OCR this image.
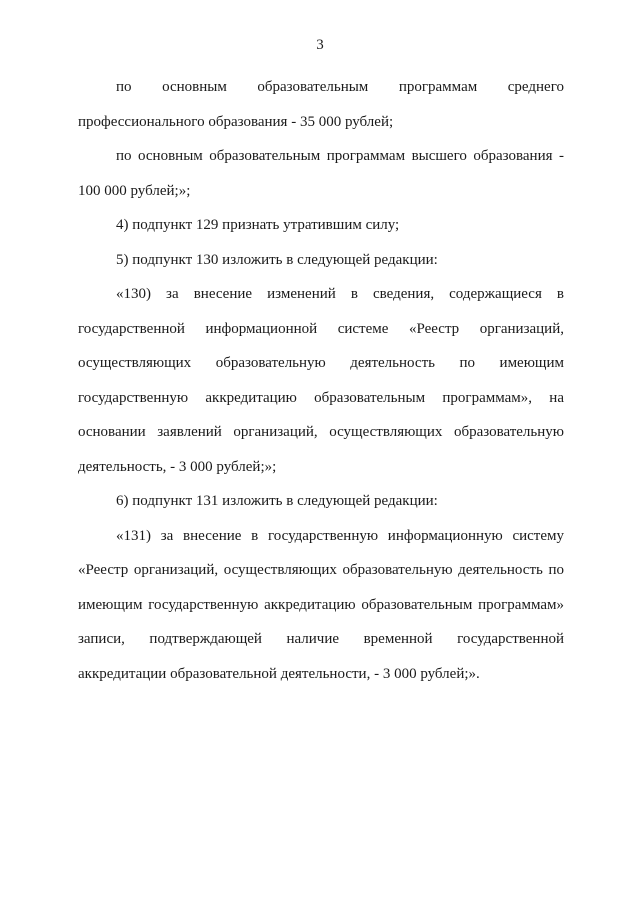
3

по основным образовательным программам среднего профессионального образования - 35 000 рублей;

по основным образовательным программам высшего образования - 100 000 рублей;»;

4) подпункт 129 признать утратившим силу;

5) подпункт 130 изложить в следующей редакции:

«130) за внесение изменений в сведения, содержащиеся в государственной информационной системе «Реестр организаций, осуществляющих образовательную деятельность по имеющим государственную аккредитацию образовательным программам», на основании заявлений организаций, осуществляющих образовательную деятельность, - 3 000 рублей;»;

6) подпункт 131 изложить в следующей редакции:

«131) за внесение в государственную информационную систему «Реестр организаций, осуществляющих образовательную деятельность по имеющим государственную аккредитацию образовательным программам» записи, подтверждающей наличие временной государственной аккредитации образовательной деятельности, - 3 000 рублей;».
